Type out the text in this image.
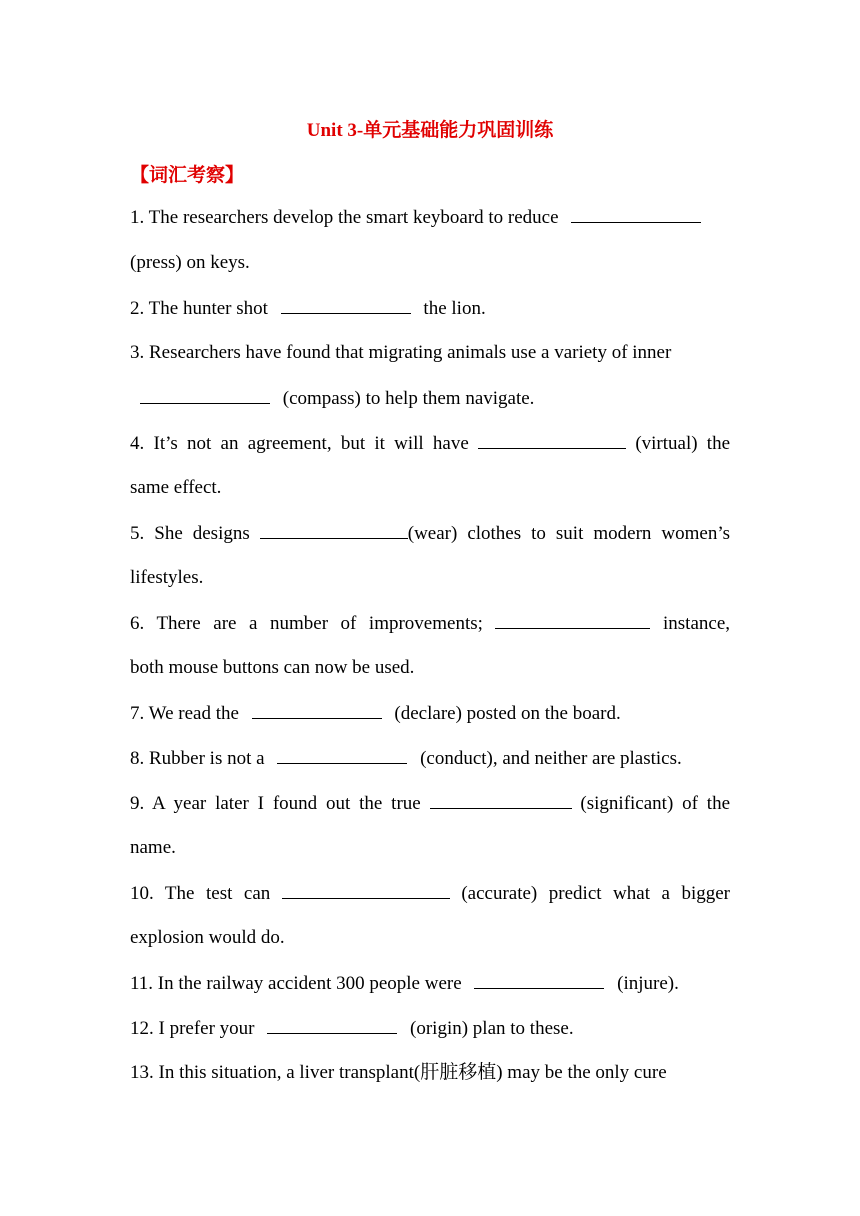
Unit 3-单元基础能力巩固训练
【词汇考察】
1. The researchers develop the smart keyboard to reduce
(press) on keys.
2. The hunter shot	the lion.
3. Researchers have found that migrating animals use a variety of inner
(compass) to help them navigate.
4. It’s not an agreement, but it will have	(virtual) the
same effect.
5. She designs	(wear) clothes to suit modern women’s
lifestyles.
6. There are a number of improvements;	instance,
both mouse buttons can now be used.
7. We read the	(declare) posted on the board.
8. Rubber is not a	(conduct), and neither are plastics.
9. A year later I found out the true	(significant) of the
name.
10. The test can	(accurate) predict what a bigger
explosion would do.
11. In the railway accident 300 people were	(injure).
12. I prefer your	(origin) plan to these.
13. In this situation, a liver transplant(肝脏移植) may be the only cure
